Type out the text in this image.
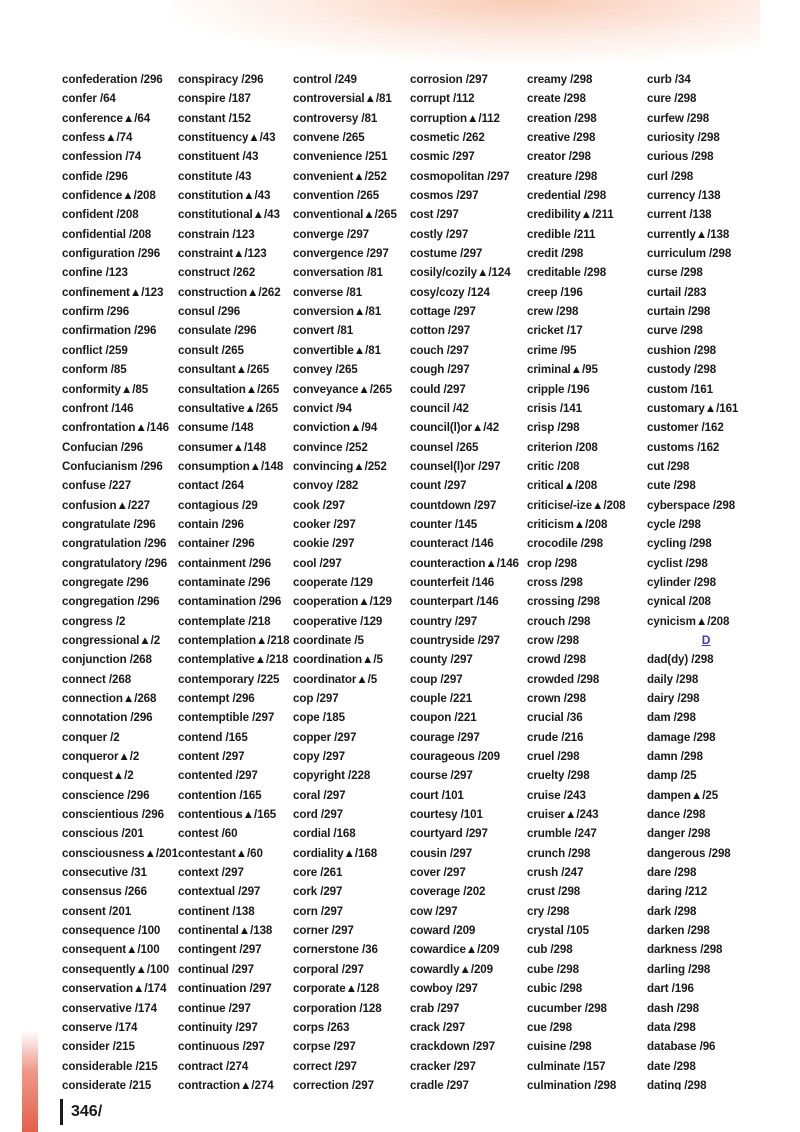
confederation /296
confer /64
conference▲/64
confess▲/74
confession /74
confide /296
confidence▲/208
confident /208
confidential /208
configuration /296
confine /123
confinement▲/123
confirm /296
confirmation /296
conflict /259
conform /85
conformity▲/85
confront /146
confrontation▲/146
Confucian /296
Confucianism /296
confuse /227
confusion▲/227
congratulate /296
congratulation /296
congratulatory /296
congregate /296
congregation /296
congress /2
congressional▲/2
conjunction /268
connect /268
connection▲/268
connotation /296
conquer /2
conqueror▲/2
conquest▲/2
conscience /296
conscientious /296
conscious /201
consciousness▲/201
consecutive /31
consensus /266
consent /201
consequence /100
consequent▲/100
consequently▲/100
conservation▲/174
conservative /174
conserve /174
consider /215
considerable /215
considerate /215
conspiracy /296
conspire /187
constant /152
constituency▲/43
constituent /43
constitute /43
constitution▲/43
constitutional▲/43
constrain /123
constraint▲/123
construct /262
construction▲/262
consul /296
consulate /296
consult /265
consultant▲/265
consultation▲/265
consultative▲/265
consume /148
consumer▲/148
consumption▲/148
contact /264
contagious /29
contain /296
container /296
containment /296
contaminate /296
contamination /296
contemplate /218
contemplation▲/218
contemplative▲/218
contemporary /225
contempt /296
contemptible /297
contend /165
content /297
contented /297
contention /165
contentious▲/165
contest /60
contestant▲/60
context /297
contextual /297
continent /138
continental▲/138
contingent /297
continual /297
continuation /297
continue /297
continuity /297
continuous /297
contract /274
contraction▲/274
control /249
controversial▲/81
controversy /81
convene /265
convenience /251
convenient▲/252
convention /265
conventional▲/265
converge /297
convergence /297
conversation /81
converse /81
conversion▲/81
convert /81
convertible▲/81
convey /265
conveyance▲/265
convict /94
conviction▲/94
convince /252
convincing▲/252
convoy /282
cook /297
cooker /297
cookie /297
cool /297
cooperate /129
cooperation▲/129
cooperative /129
coordinate /5
coordination▲/5
coordinator▲/5
cop /297
cope /185
copper /297
copy /297
copyright /228
coral /297
cord /297
cordial /168
cordiality▲/168
core /261
cork /297
corn /297
corner /297
cornerstone /36
corporal /297
corporate▲/128
corporation /128
corps /263
corpse /297
correct /297
correction /297
corrosion /297
corrupt /112
corruption▲/112
cosmetic /262
cosmic /297
cosmopolitan /297
cosmos /297
cost /297
costly /297
costume /297
cosily/cozily▲/124
cosy/cozy /124
cottage /297
cotton /297
couch /297
cough /297
could /297
council /42
council(l)or▲/42
counsel /265
counsel(l)or /297
count /297
countdown /297
counter /145
counteract /146
counteraction▲/146
counterfeit /146
counterpart /146
country /297
countryside /297
county /297
coup /297
couple /221
coupon /221
courage /297
courageous /209
course /297
court /101
courtesy /101
courtyard /297
cousin /297
cover /297
coverage /202
cow /297
coward /209
cowardice▲/209
cowardly▲/209
cowboy /297
crab /297
crack /297
crackdown /297
cracker /297
cradle /297
creamy /298
create /298
creation /298
creative /298
creator /298
creature /298
credential /298
credibility▲/211
credible /211
credit /298
creditable /298
creep /196
crew /298
cricket /17
crime /95
criminal▲/95
cripple /196
crisis /141
crisp /298
criterion /208
critic /208
critical▲/208
criticise/-ize▲/208
criticism▲/208
crocodile /298
crop /298
cross /298
crossing /298
crouch /298
crow /298
crowd /298
crowded /298
crown /298
crucial /36
crude /216
cruel /298
cruelty /298
cruise /243
cruiser▲/243
crumble /247
crunch /298
crush /247
crust /298
cry /298
crystal /105
cub /298
cube /298
cubic /298
cucumber /298
cue /298
cuisine /298
culminate /157
culmination /298
curb /34
cure /298
curfew /298
curiosity /298
curious /298
curl /298
currency /138
current /138
currently▲/138
curriculum /298
curse /298
curtail /283
curtain /298
curve /298
cushion /298
custody /298
custom /161
customary▲/161
customer /162
customs /162
cut /298
cute /298
cyberspace /298
cycle /298
cycling /298
cyclist /298
cylinder /298
cynical /208
cynicism▲/208
D
dad(dy) /298
daily /298
dairy /298
dam /298
damage /298
damn /298
damp /25
dampen▲/25
dance /298
danger /298
dangerous /298
dare /298
daring /212
dark /298
darken /298
darkness /298
darling /298
dart /196
dash /298
data /298
database /96
date /298
dating /298
346/
